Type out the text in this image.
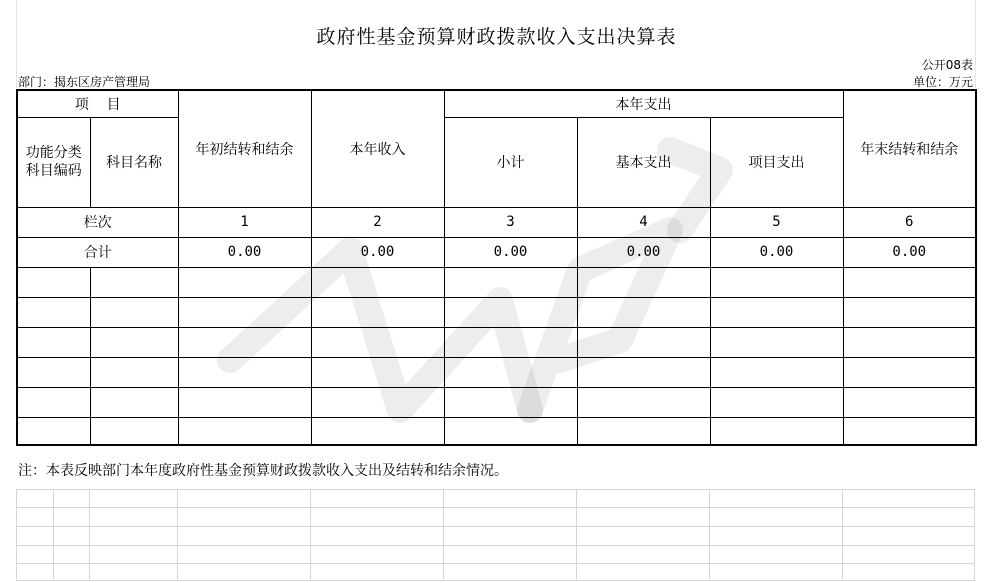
政府性基金预算财政拨款收入支出决算表
公开08表
部门：揭东区房产管理局	单位：万元
项    目		年初结转和结余	本年收入	本年支出			年末结转和结余
功能分类科目编码	科目名称			小计	基本支出	项目支出	
栏次		1	2	3	4	5	6
合计		0.00	0.00	0.00	0.00	0.00	0.00

注：本表反映部门本年度政府性基金预算财政拨款收入支出及结转和结余情况。
